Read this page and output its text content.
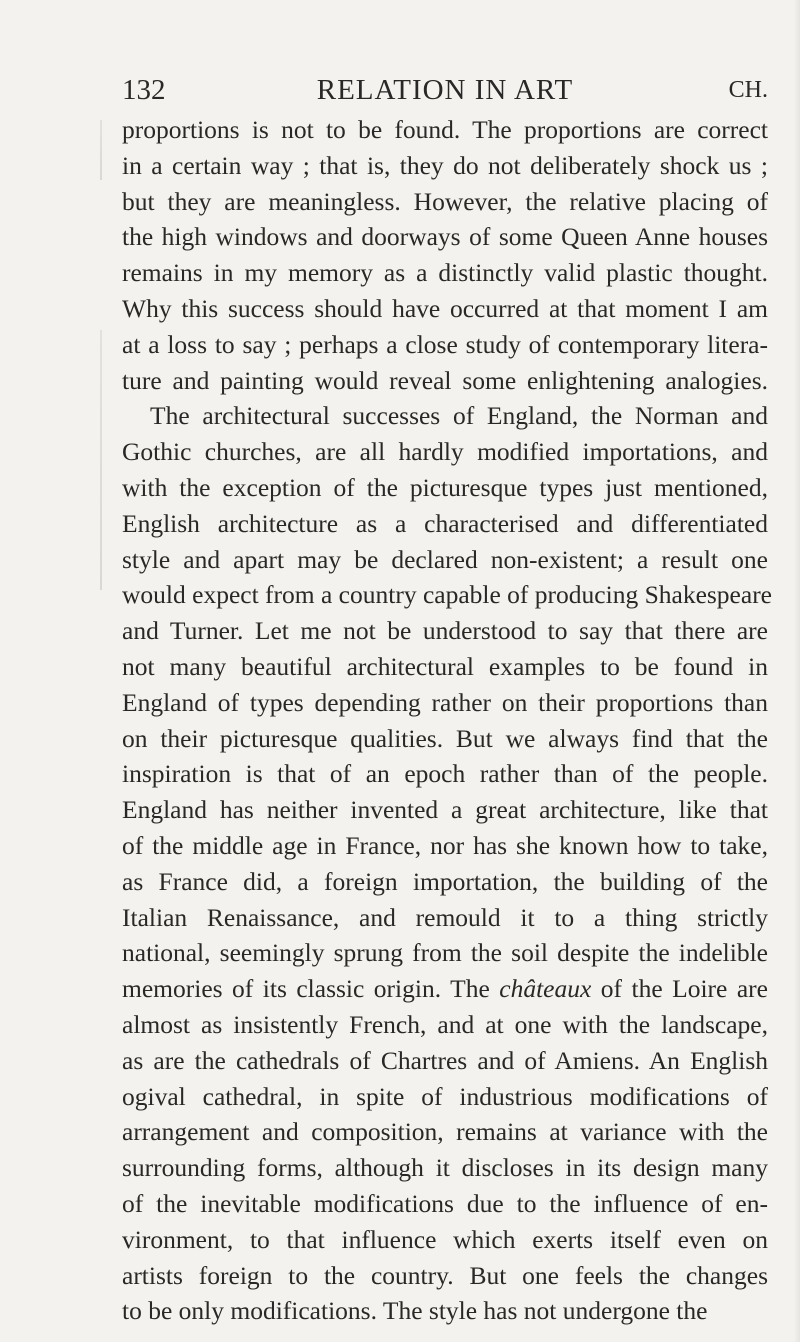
132	RELATION IN ART	CH.
proportions is not to be found. The proportions are correct
in a certain way ; that is, they do not deliberately shock us ;
but they are meaningless. However, the relative placing of
the high windows and doorways of some Queen Anne houses
remains in my memory as a distinctly valid plastic thought.
Why this success should have occurred at that moment I am
at a loss to say ; perhaps a close study of contemporary litera-
ture and painting would reveal some enlightening analogies.
The architectural successes of England, the Norman and
Gothic churches, are all hardly modified importations, and
with the exception of the picturesque types just mentioned,
English architecture as a characterised and differentiated
style and apart may be declared non-existent; a result one
would expect from a country capable of producing Shakespeare
and Turner. Let me not be understood to say that there are
not many beautiful architectural examples to be found in
England of types depending rather on their proportions than
on their picturesque qualities. But we always find that the
inspiration is that of an epoch rather than of the people.
England has neither invented a great architecture, like that
of the middle age in France, nor has she known how to take,
as France did, a foreign importation, the building of the
Italian Renaissance, and remould it to a thing strictly
national, seemingly sprung from the soil despite the indelible
memories of its classic origin. The châteaux of the Loire are
almost as insistently French, and at one with the landscape,
as are the cathedrals of Chartres and of Amiens. An English
ogival cathedral, in spite of industrious modifications of
arrangement and composition, remains at variance with the
surrounding forms, although it discloses in its design many
of the inevitable modifications due to the influence of en-
vironment, to that influence which exerts itself even on
artists foreign to the country. But one feels the changes
to be only modifications. The style has not undergone the
